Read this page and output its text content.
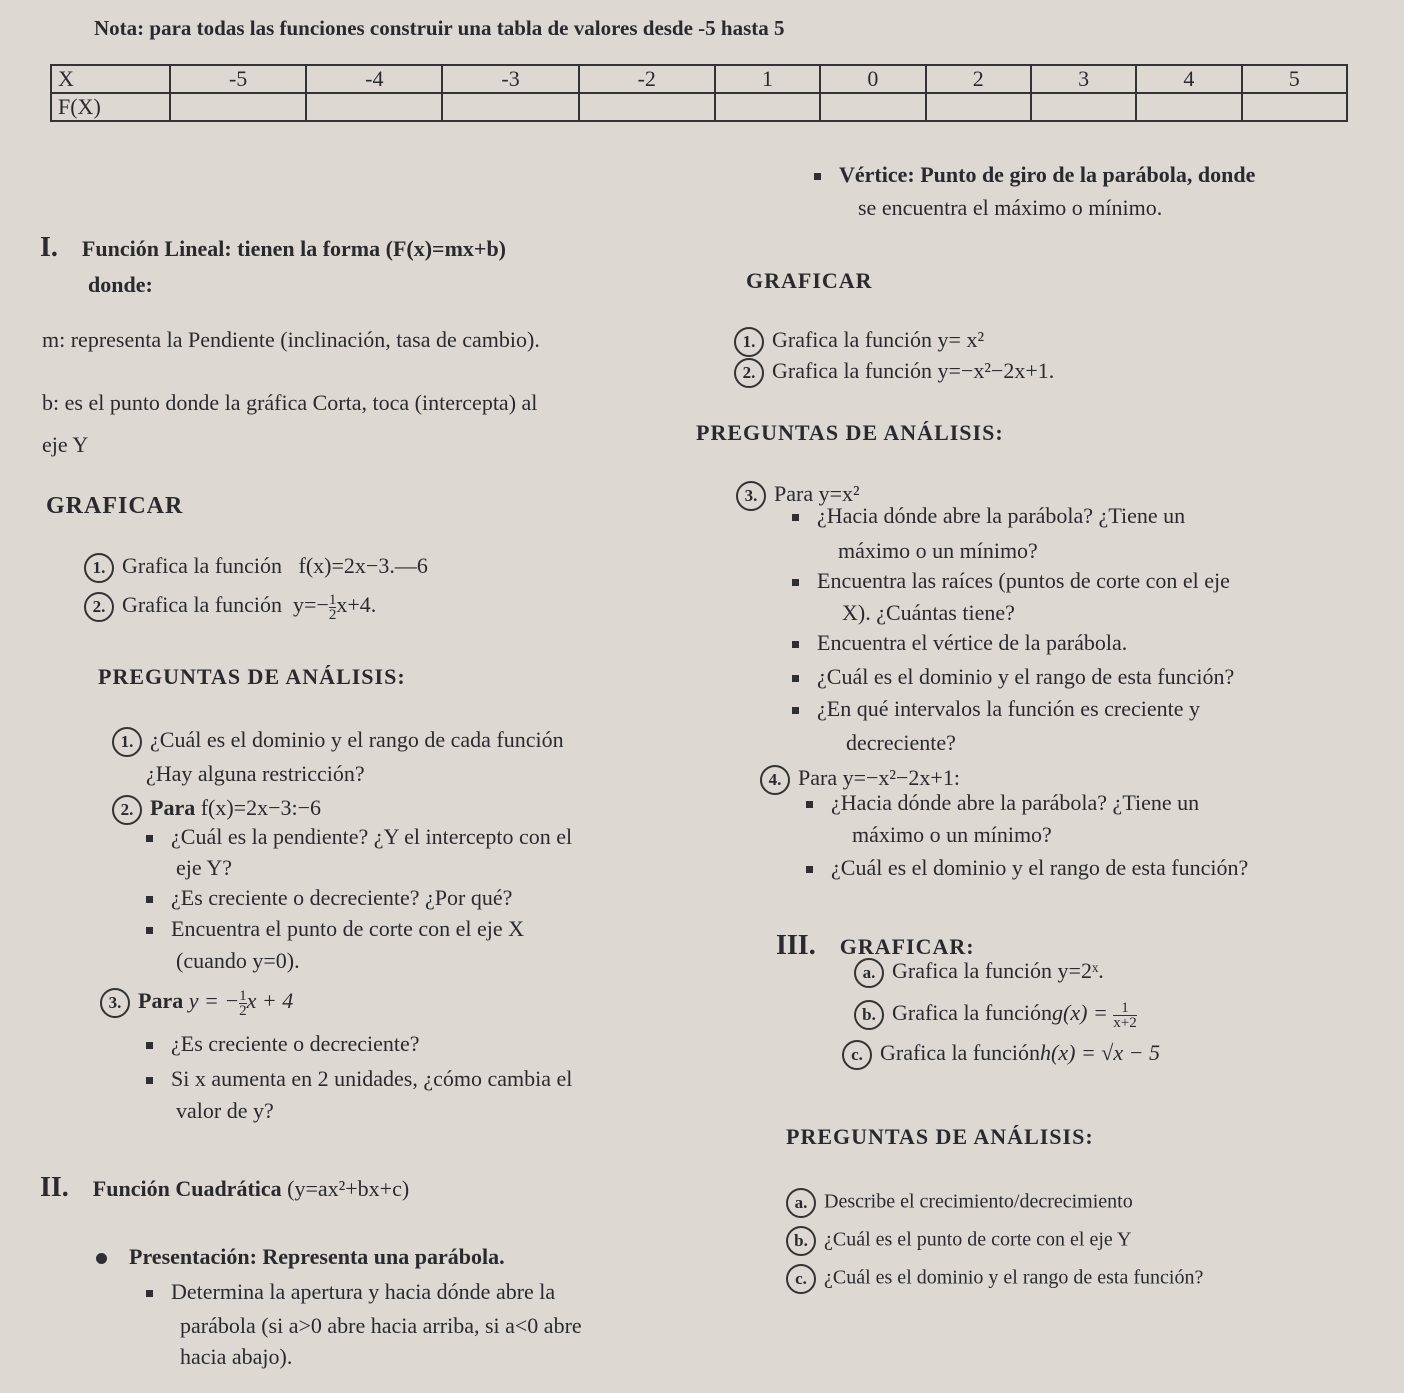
Nota: para todas las funciones construir una tabla de valores desde -5 hasta 5
X	-5	-4	-3	-2	1	0	2	3	4	5
F(X)										
I. Función Lineal: tienen la forma (F(x)=mx+b)
donde:
m: representa la Pendiente (inclinación, tasa de cambio).
b: es el punto donde la gráfica Corta, toca (intercepta) al
eje Y
GRAFICAR
1. Grafica la función f(x)=2x−3.—6
2. Grafica la función $y=- \frac{1}{2} x+4$.
PREGUNTAS DE ANÁLISIS:
1. ¿Cuál es el dominio y el rango de cada función
¿Hay alguna restricción?
2. Para f(x)=2x−3:−6
¿Cuál es la pendiente? ¿Y el intercepto con el
eje Y?
¿Es creciente o decreciente? ¿Por qué?
Encuentra el punto de corte con el eje X
(cuando y=0).
3. Para y = − $\frac{1}{2}$ x + 4
¿Es creciente o decreciente?
Si x aumenta en 2 unidades, ¿cómo cambia el
valor de y?
II. Función Cuadrática (y=ax²+bx+c)
Presentación: Representa una parábola.
Determina la apertura y hacia dónde abre la
parábola (si a>0 abre hacia arriba, si a<0 abre
hacia abajo).
Vértice: Punto de giro de la parábola, donde
se encuentra el máximo o mínimo.
GRAFICAR
1. Grafica la función y= x²
2. Grafica la función y=−x²−2x+1.
PREGUNTAS DE ANÁLISIS:
3. Para y=x²
¿Hacia dónde abre la parábola? ¿Tiene un
máximo o un mínimo?
Encuentra las raíces (puntos de corte con el eje
X). ¿Cuántas tiene?
Encuentra el vértice de la parábola.
¿Cuál es el dominio y el rango de esta función?
¿En qué intervalos la función es creciente y
decreciente?
4. Para y=−x²−2x+1:
¿Hacia dónde abre la parábola? ¿Tiene un
máximo o un mínimo?
¿Cuál es el dominio y el rango de esta función?
III. GRAFICAR:
a. Grafica la función y=2ˣ.
b. Grafica la funcióng(x) = $\frac{1}{x+2}$
c. Grafica la funciónh(x) = √x − 5
PREGUNTAS DE ANÁLISIS:
a. Describe el crecimiento/decrecimiento
b. ¿Cuál es el punto de corte con el eje Y
c. ¿Cuál es el dominio y el rango de esta función?
